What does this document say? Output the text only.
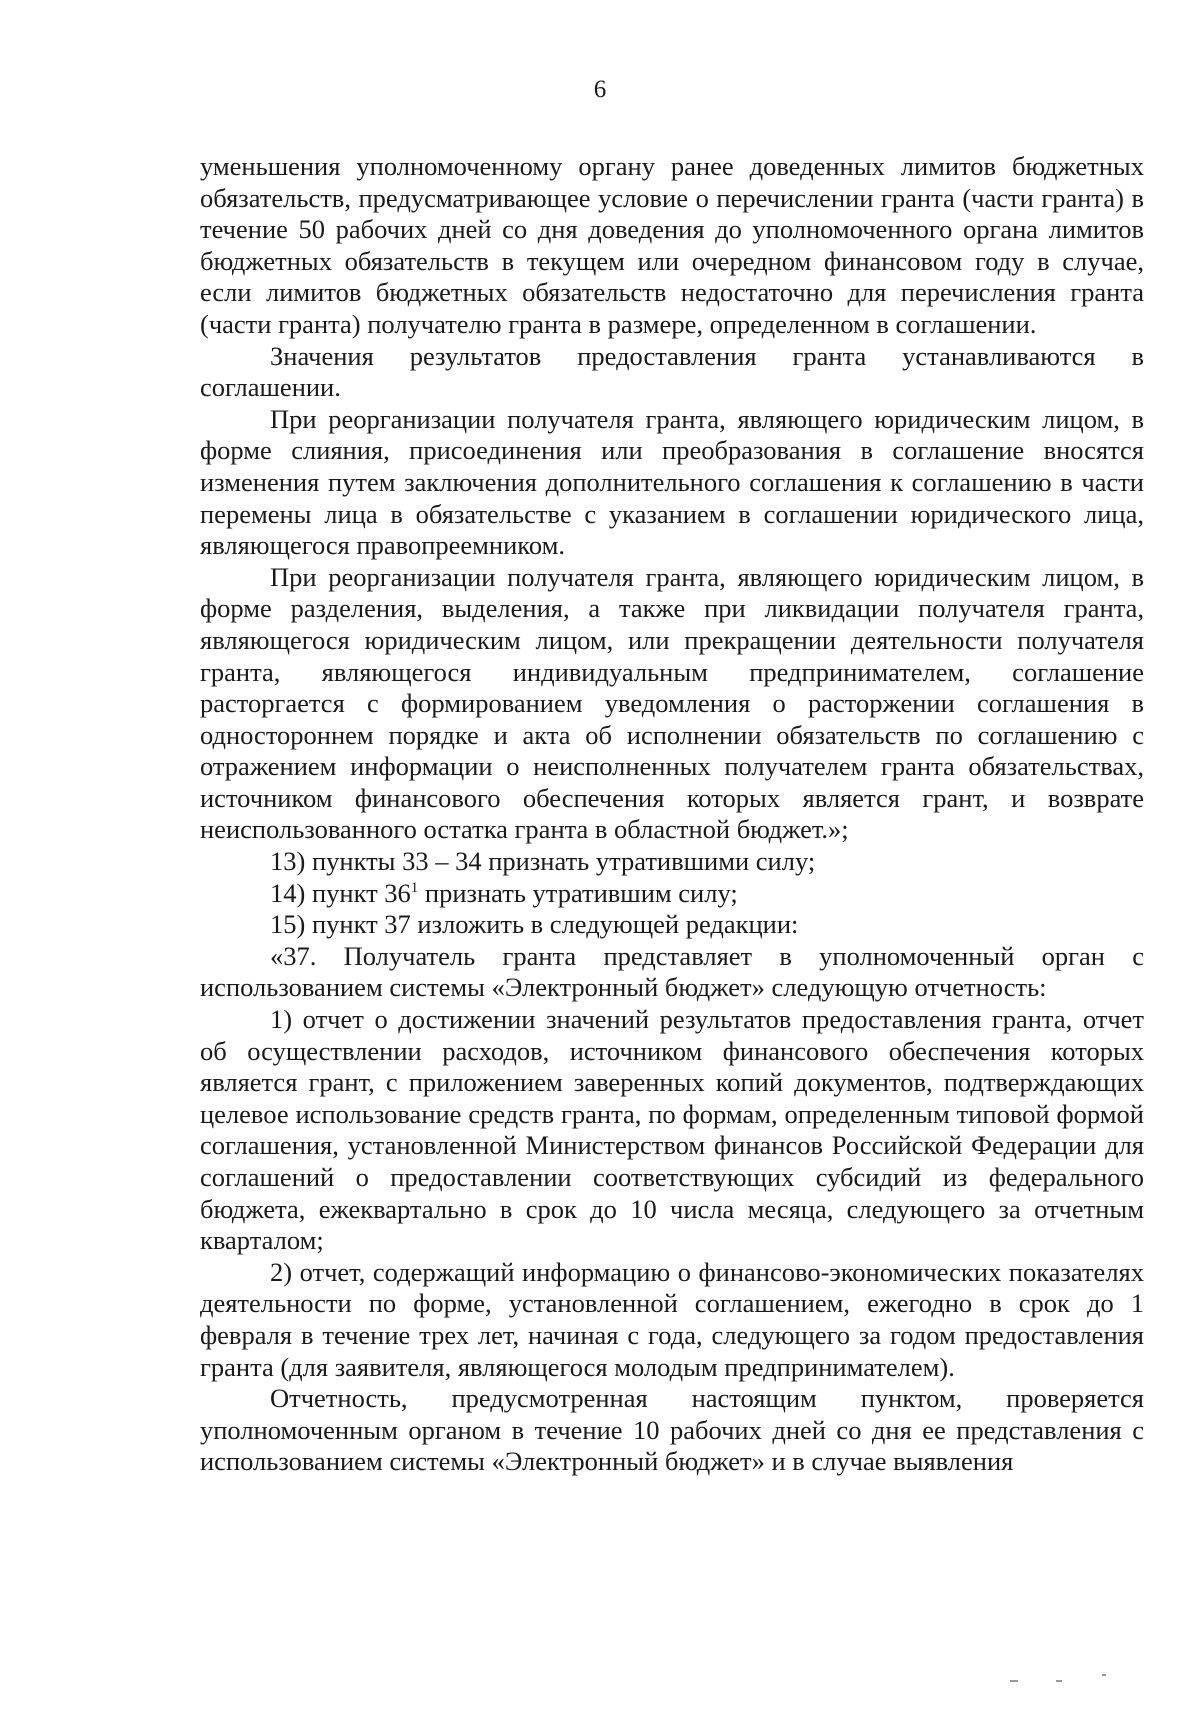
6

уменьшения уполномоченному органу ранее доведенных лимитов бюджетных обязательств, предусматривающее условие о перечислении гранта (части гранта) в течение 50 рабочих дней со дня доведения до уполномоченного органа лимитов бюджетных обязательств в текущем или очередном финансовом году в случае, если лимитов бюджетных обязательств недостаточно для перечисления гранта (части гранта) получателю гранта в размере, определенном в соглашении.

Значения результатов предоставления гранта устанавливаются в соглашении.

При реорганизации получателя гранта, являющего юридическим лицом, в форме слияния, присоединения или преобразования в соглашение вносятся изменения путем заключения дополнительного соглашения к соглашению в части перемены лица в обязательстве с указанием в соглашении юридического лица, являющегося правопреемником.

При реорганизации получателя гранта, являющего юридическим лицом, в форме разделения, выделения, а также при ликвидации получателя гранта, являющегося юридическим лицом, или прекращении деятельности получателя гранта, являющегося индивидуальным предпринимателем, соглашение расторгается с формированием уведомления о расторжении соглашения в одностороннем порядке и акта об исполнении обязательств по соглашению с отражением информации о неисполненных получателем гранта обязательствах, источником финансового обеспечения которых является грант, и возврате неиспользованного остатка гранта в областной бюджет.»;

13) пункты 33 – 34 признать утратившими силу;

14) пункт $36^1$ признать утратившим силу;

15) пункт 37 изложить в следующей редакции:

«37. Получатель гранта представляет в уполномоченный орган с использованием системы «Электронный бюджет» следующую отчетность:

1) отчет о достижении значений результатов предоставления гранта, отчет об осуществлении расходов, источником финансового обеспечения которых является грант, с приложением заверенных копий документов, подтверждающих целевое использование средств гранта, по формам, определенным типовой формой соглашения, установленной Министерством финансов Российской Федерации для соглашений о предоставлении соответствующих субсидий из федерального бюджета, ежеквартально в срок до 10 числа месяца, следующего за отчетным кварталом;

2) отчет, содержащий информацию о финансово-экономических показателях деятельности по форме, установленной соглашением, ежегодно в срок до 1 февраля в течение трех лет, начиная с года, следующего за годом предоставления гранта (для заявителя, являющегося молодым предпринимателем).

Отчетность, предусмотренная настоящим пунктом, проверяется уполномоченным органом в течение 10 рабочих дней со дня ее представления с использованием системы «Электронный бюджет» и в случае выявления
